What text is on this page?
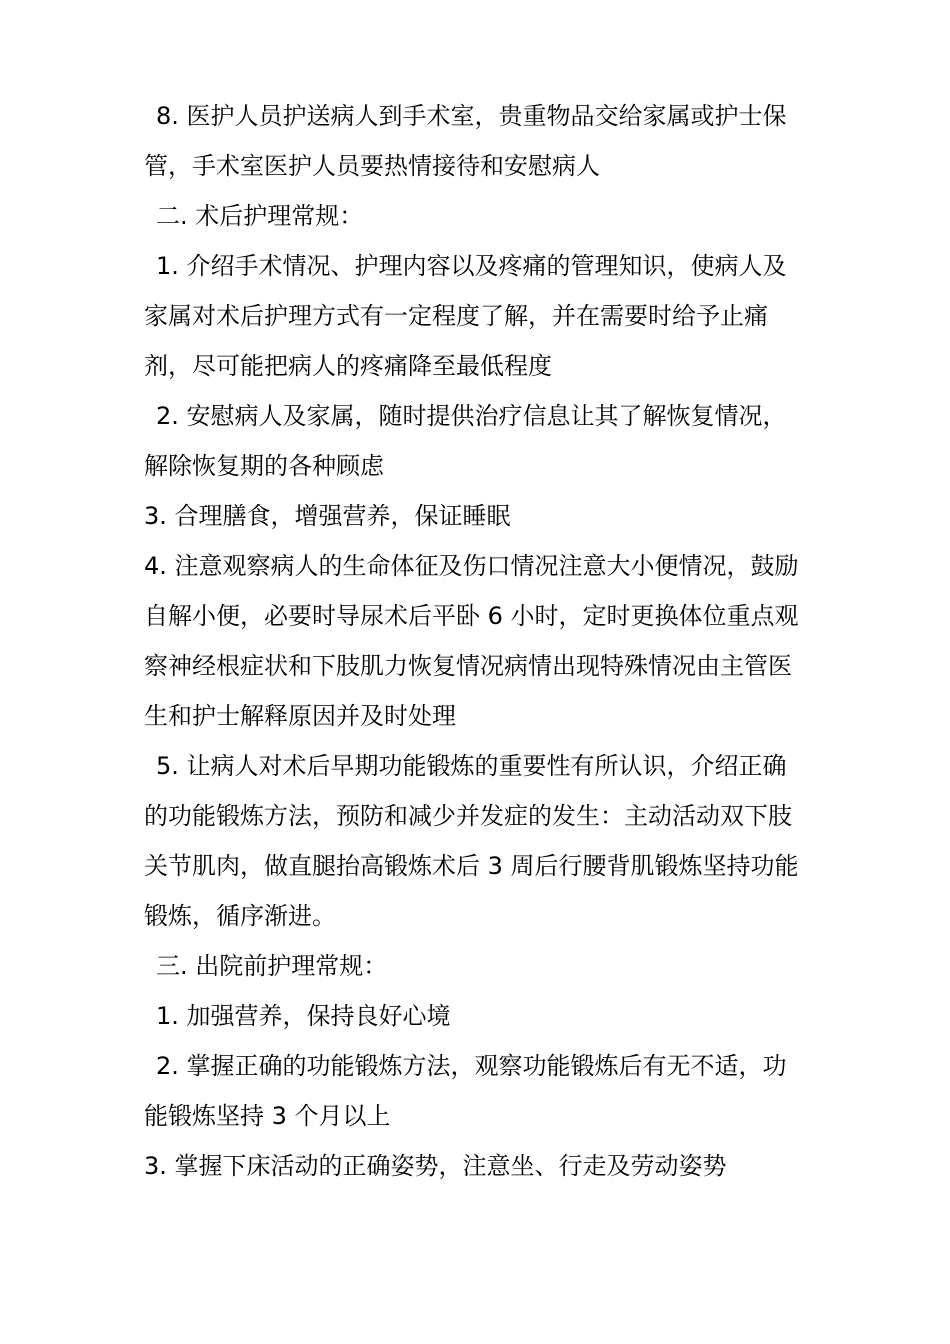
8. 医护人员护送病人到手术室，贵重物品交给家属或护士保
管，手术室医护人员要热情接待和安慰病人
二. 术后护理常规：
1. 介绍手术情况、护理内容以及疼痛的管理知识，使病人及
家属对术后护理方式有一定程度了解，并在需要时给予止痛
剂，尽可能把病人的疼痛降至最低程度
2. 安慰病人及家属，随时提供治疗信息让其了解恢复情况，
解除恢复期的各种顾虑
3. 合理膳食，增强营养，保证睡眠
4. 注意观察病人的生命体征及伤口情况注意大小便情况，鼓励
自解小便，必要时导尿术后平卧 6 小时，定时更换体位重点观
察神经根症状和下肢肌力恢复情况病情出现特殊情况由主管医
生和护士解释原因并及时处理
5. 让病人对术后早期功能锻炼的重要性有所认识，介绍正确
的功能锻炼方法，预防和减少并发症的发生：主动活动双下肢
关节肌肉，做直腿抬高锻炼术后 3 周后行腰背肌锻炼坚持功能
锻炼，循序渐进。
三. 出院前护理常规：
1. 加强营养，保持良好心境
2. 掌握正确的功能锻炼方法，观察功能锻炼后有无不适，功
能锻炼坚持 3 个月以上
3. 掌握下床活动的正确姿势，注意坐、行走及劳动姿势
